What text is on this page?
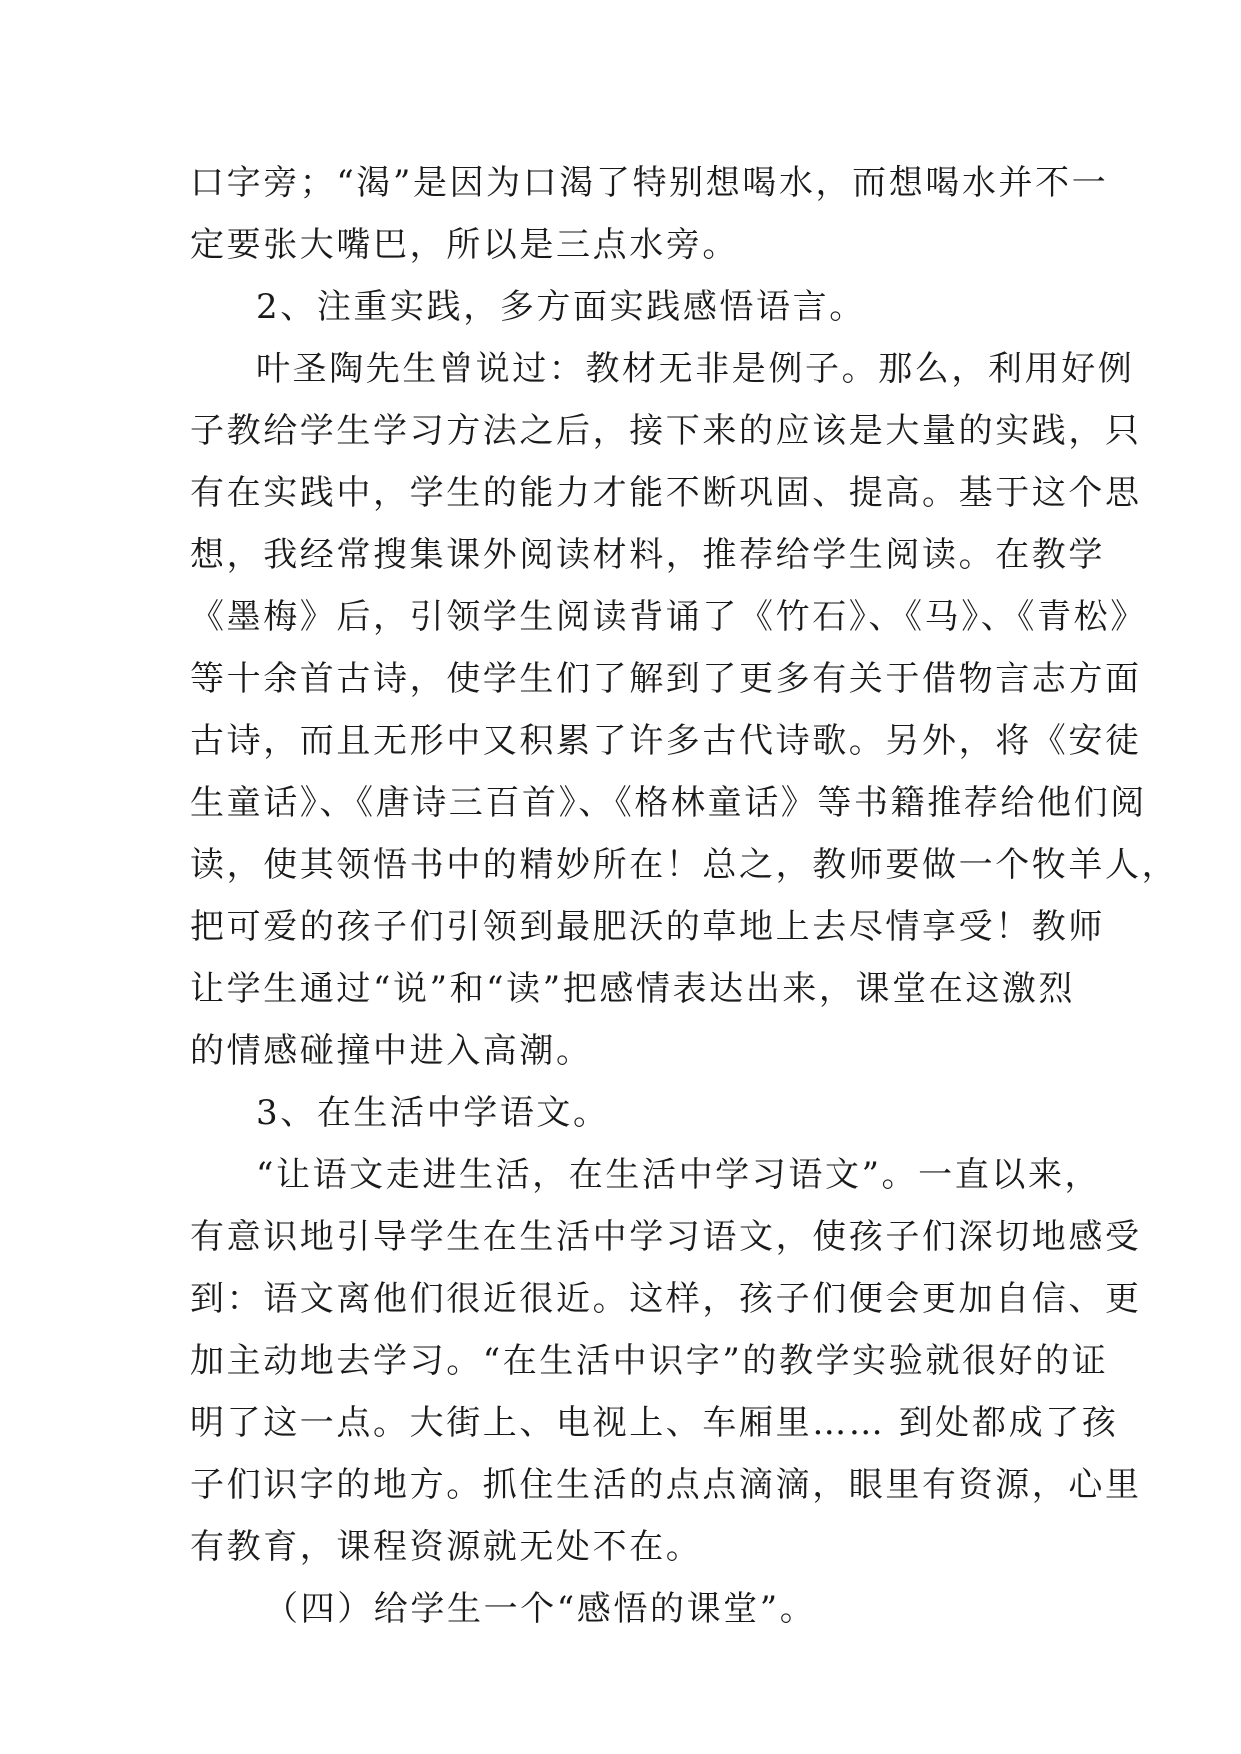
口字旁；“渴”是因为口渴了特别想喝水，而想喝水并不一
定要张大嘴巴，所以是三点水旁。
2、注重实践，多方面实践感悟语言。
叶圣陶先生曾说过：教材无非是例子。那么，利用好例
子教给学生学习方法之后，接下来的应该是大量的实践，只
有在实践中，学生的能力才能不断巩固、提高。基于这个思
想，我经常搜集课外阅读材料，推荐给学生阅读。在教学
《墨梅》后，引领学生阅读背诵了《竹石》、《马》、《青松》
等十余首古诗，使学生们了解到了更多有关于借物言志方面
古诗，而且无形中又积累了许多古代诗歌。另外，将《安徒
生童话》、《唐诗三百首》、《格林童话》等书籍推荐给他们阅
读，使其领悟书中的精妙所在！总之，教师要做一个牧羊人，
把可爱的孩子们引领到最肥沃的草地上去尽情享受！教师
让学生通过“说”和“读”把感情表达出来，课堂在这激烈
的情感碰撞中进入高潮。
3、在生活中学语文。
“让语文走进生活，在生活中学习语文”。一直以来，
有意识地引导学生在生活中学习语文，使孩子们深切地感受
到：语文离他们很近很近。这样，孩子们便会更加自信、更
加主动地去学习。“在生活中识字”的教学实验就很好的证
明了这一点。大街上、电视上、车厢里…… 到处都成了孩
子们识字的地方。抓住生活的点点滴滴，眼里有资源，心里
有教育，课程资源就无处不在。
（四）给学生一个“感悟的课堂”。
